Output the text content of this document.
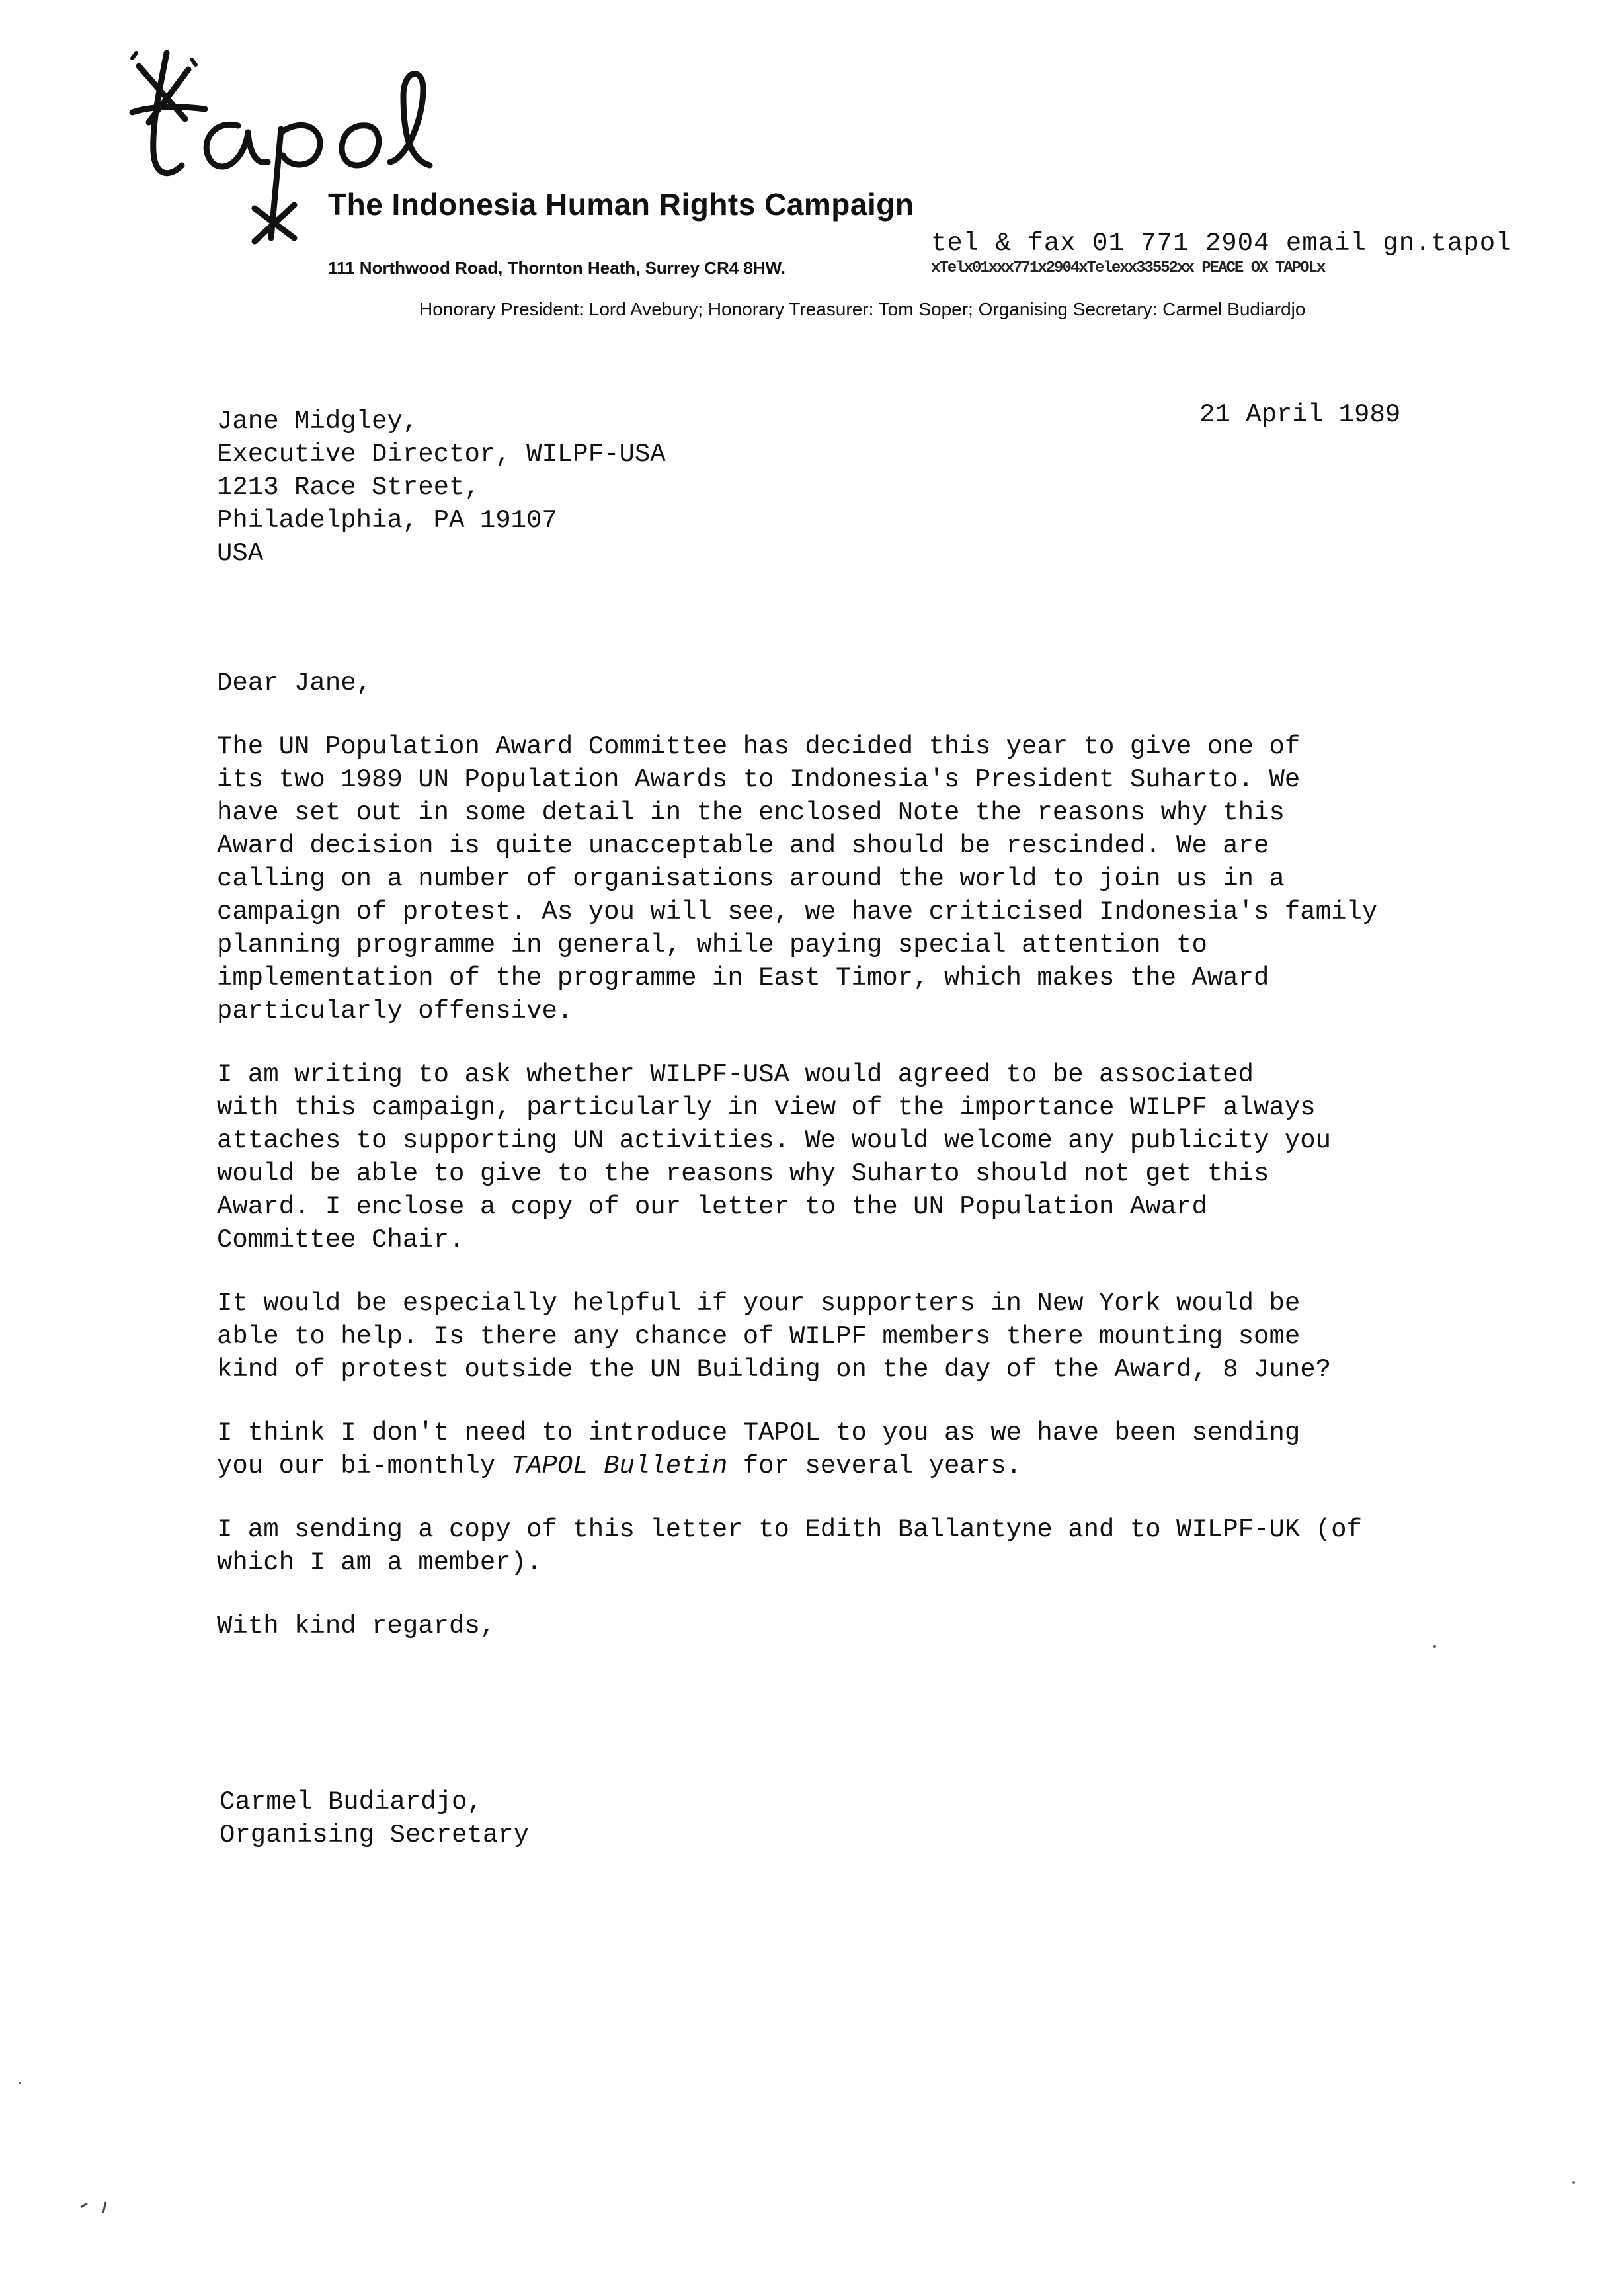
The Indonesia Human Rights Campaign
tel & fax 01 771 2904 email gn.tapol
111 Northwood Road, Thornton Heath, Surrey CR4 8HW.	xTelx01xxx771x2904xTelexx33552xx PEACE OX TAPOLx
Honorary President: Lord Avebury; Honorary Treasurer: Tom Soper; Organising Secretary: Carmel Budiardjo
21 April 1989
Jane Midgley,
Executive Director, WILPF-USA
1213 Race Street,
Philadelphia, PA 19107
USA
Dear Jane,

The UN Population Award Committee has decided this year to give one of
its two 1989 UN Population Awards to Indonesia's President Suharto. We
have set out in some detail in the enclosed Note the reasons why this
Award decision is quite unacceptable and should be rescinded. We are
calling on a number of organisations around the world to join us in a
campaign of protest. As you will see, we have criticised Indonesia's family
planning programme in general, while paying special attention to
implementation of the programme in East Timor, which makes the Award
particularly offensive.

I am writing to ask whether WILPF-USA would agreed to be associated
with this campaign, particularly in view of the importance WILPF always
attaches to supporting UN activities. We would welcome any publicity you
would be able to give to the reasons why Suharto should not get this
Award. I enclose a copy of our letter to the UN Population Award
Committee Chair.

It would be especially helpful if your supporters in New York would be
able to help. Is there any chance of WILPF members there mounting some
kind of protest outside the UN Building on the day of the Award, 8 June?

I think I don't need to introduce TAPOL to you as we have been sending
you our bi-monthly TAPOL Bulletin for several years.

I am sending a copy of this letter to Edith Ballantyne and to WILPF-UK (of
which I am a member).

With kind regards,

Carmel Budiardjo,
Organising Secretary
